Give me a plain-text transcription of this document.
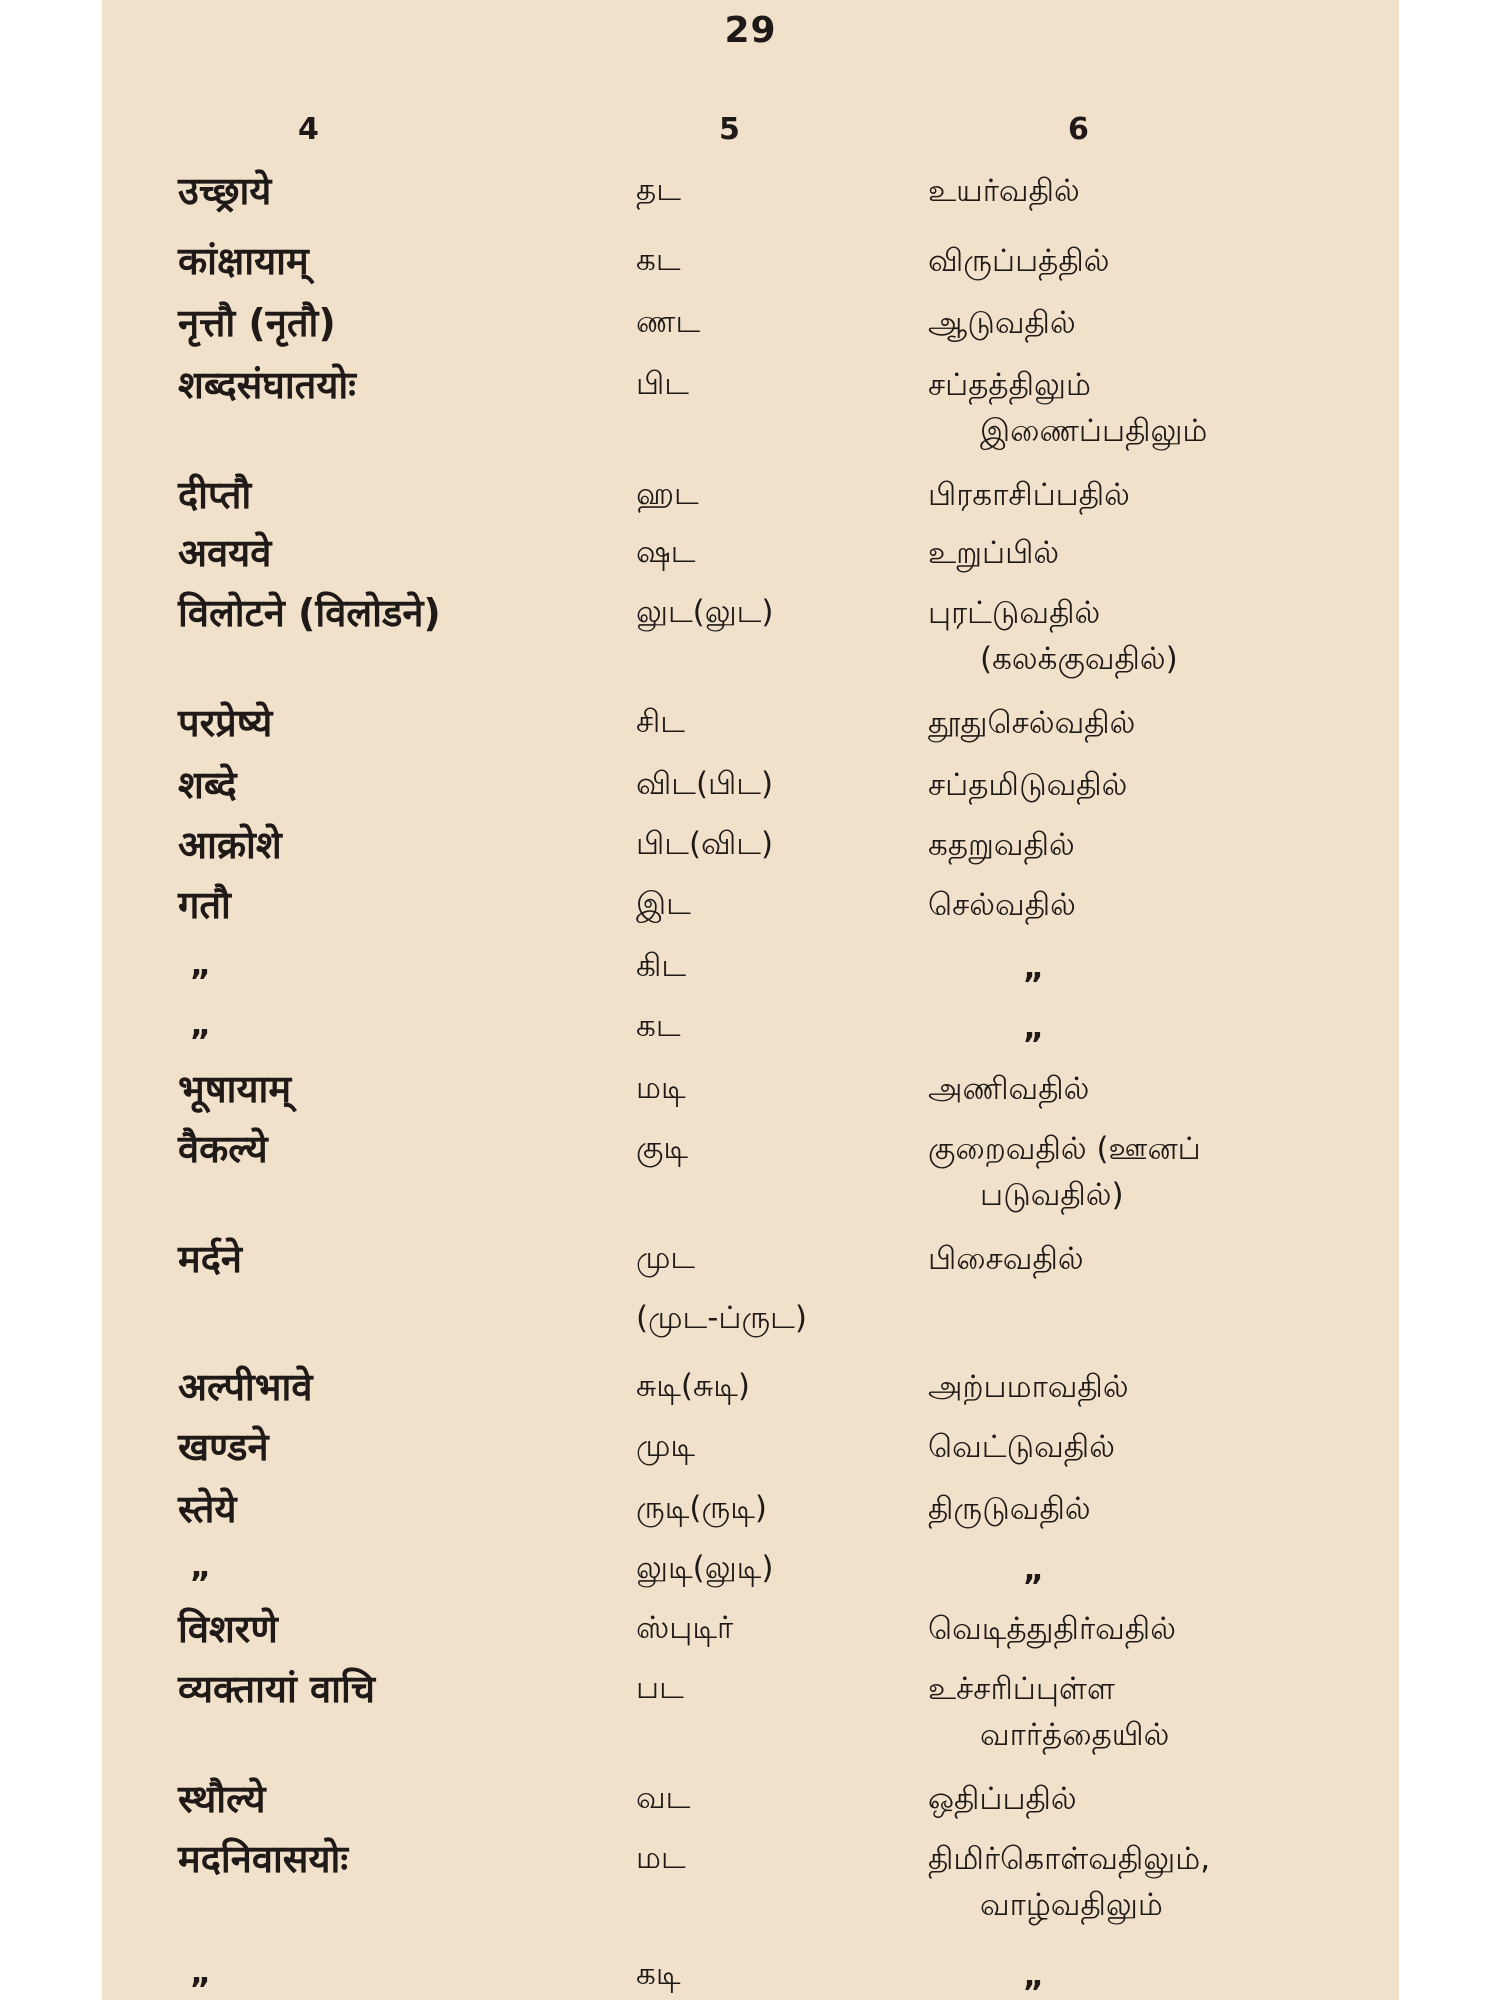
29
4	5	6
उच्छ्राये	தட	உயர்வதில்
कांक्षायाम्	கட	விருப்பத்தில்
नृत्तौ (नृतौ)	ணட	ஆடுவதில்
शब्दसंघातयोः	பிட	சப்தத்திலும்
இணைப்பதிலும்
दीप्तौ	ஹட	பிரகாசிப்பதில்
अवयवे	ஷட	உறுப்பில்
विलोटने (विलोडने)	லுட(லுட)	புரட்டுவதில்
(கலக்குவதில்)
परप्रेष्ये	சிட	தூதுசெல்வதில்
शब्दे	விட(பிட)	சப்தமிடுவதில்
आक्रोशे	பிட(விட)	கதறுவதில்
गतौ	இட	செல்வதில்
„	கிட	„
„	கட	„
भूषायाम्	மடி	அணிவதில்
वैकल्ये	குடி	குறைவதில் (ஊனப்
படுவதில்)
मर्दने	முட	பிசைவதில்
(முட-ப்ருட)
अल्पीभावे	சுடி(சுடி)	அற்பமாவதில்
खण्डने	முடி	வெட்டுவதில்
स्तेये	ருடி(ருடி)	திருடுவதில்
„	லுடி(லுடி)	„
विशरणे	ஸ்புடிர்	வெடித்துதிர்வதில்
व्यक्तायां वाचि	பட	உச்சரிப்புள்ள
வார்த்தையில்
स्थौल्ये	வட	ஒதிப்பதில்
मदनिवासयोः	மட	திமிர்கொள்வதிலும்,
வாழ்வதிலும்
„	கடி	„
